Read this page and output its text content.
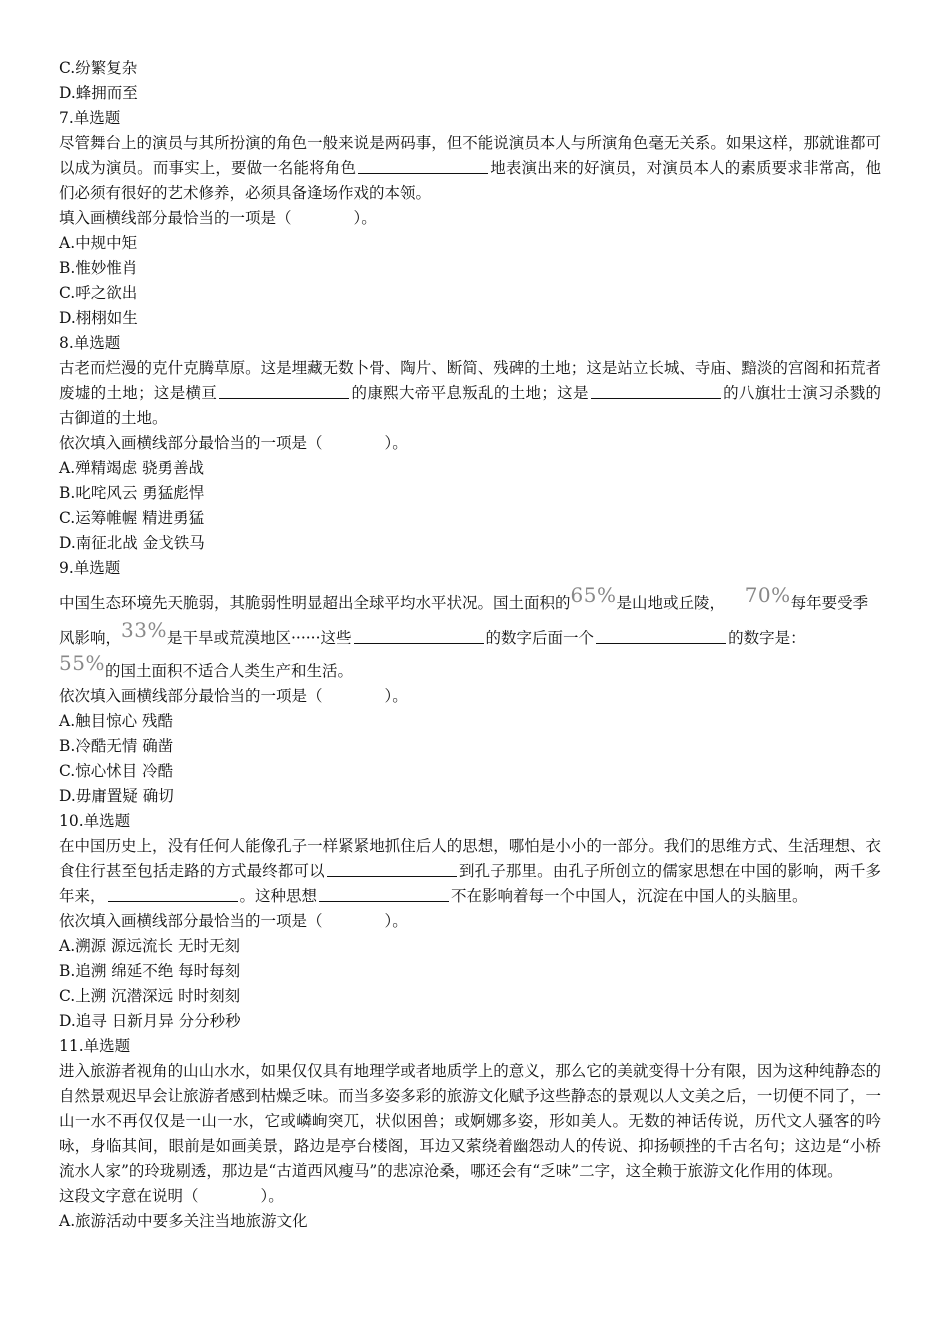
C.纷繁复杂
D.蜂拥而至
7.单选题
尽管舞台上的演员与其所扮演的角色一般来说是两码事，但不能说演员本人与所演角色毫无关系。如果这样，那就谁都可以成为演员。而事实上，要做一名能将角色	地表演出来的好演员，对演员本人的素质要求非常高，他们必须有很好的艺术修养，必须具备逢场作戏的本领。
填入画横线部分最恰当的一项是（　　　　）。
A.中规中矩
B.惟妙惟肖
C.呼之欲出
D.栩栩如生
8.单选题
古老而烂漫的克什克腾草原。这是埋藏无数卜骨、陶片、断简、残碑的土地；这是站立长城、寺庙、黯淡的宫阁和拓荒者废墟的土地；这是横亘	的康熙大帝平息叛乱的土地；这是	的八旗壮士演习杀戮的古御道的土地。
依次填入画横线部分最恰当的一项是（　　　　）。
A.殚精竭虑 骁勇善战
B.叱咤风云 勇猛彪悍
C.运筹帷幄 精进勇猛
D.南征北战 金戈铁马
9.单选题
中国生态环境先天脆弱，其脆弱性明显超出全球平均水平状况。国土面积的65%是山地或丘陵， 70%每年要受季
风影响，33%是干旱或荒漠地区······这些	的数字后面一个	的数字是：
55%的国土面积不适合人类生产和生活。
依次填入画横线部分最恰当的一项是（　　　　）。
A.触目惊心 残酷
B.冷酷无情 确凿
C.惊心怵目 冷酷
D.毋庸置疑 确切
10.单选题
在中国历史上，没有任何人能像孔子一样紧紧地抓住后人的思想，哪怕是小小的一部分。我们的思维方式、生活理想、衣食住行甚至包括走路的方式最终都可以	到孔子那里。由孔子所创立的儒家思想在中国的影响，两千多年来，	。这种思想	不在影响着每一个中国人，沉淀在中国人的头脑里。
依次填入画横线部分最恰当的一项是（　　　　）。
A.溯源 源远流长 无时无刻
B.追溯 绵延不绝 每时每刻
C.上溯 沉潜深远 时时刻刻
D.追寻 日新月异 分分秒秒
11.单选题
进入旅游者视角的山山水水，如果仅仅具有地理学或者地质学上的意义，那么它的美就变得十分有限，因为这种纯静态的自然景观迟早会让旅游者感到枯燥乏味。而当多姿多彩的旅游文化赋予这些静态的景观以人文美之后，一切便不同了，一山一水不再仅仅是一山一水，它或嶙峋突兀，状似困兽；或婀娜多姿，形如美人。无数的神话传说，历代文人骚客的吟咏，身临其间，眼前是如画美景，路边是亭台楼阁，耳边又萦绕着幽怨动人的传说、抑扬顿挫的千古名句；这边是“小桥流水人家”的玲珑剔透，那边是“古道西风瘦马”的悲凉沧桑，哪还会有“乏味”二字，这全赖于旅游文化作用的体现。
这段文字意在说明（　　　　）。
A.旅游活动中要多关注当地旅游文化
